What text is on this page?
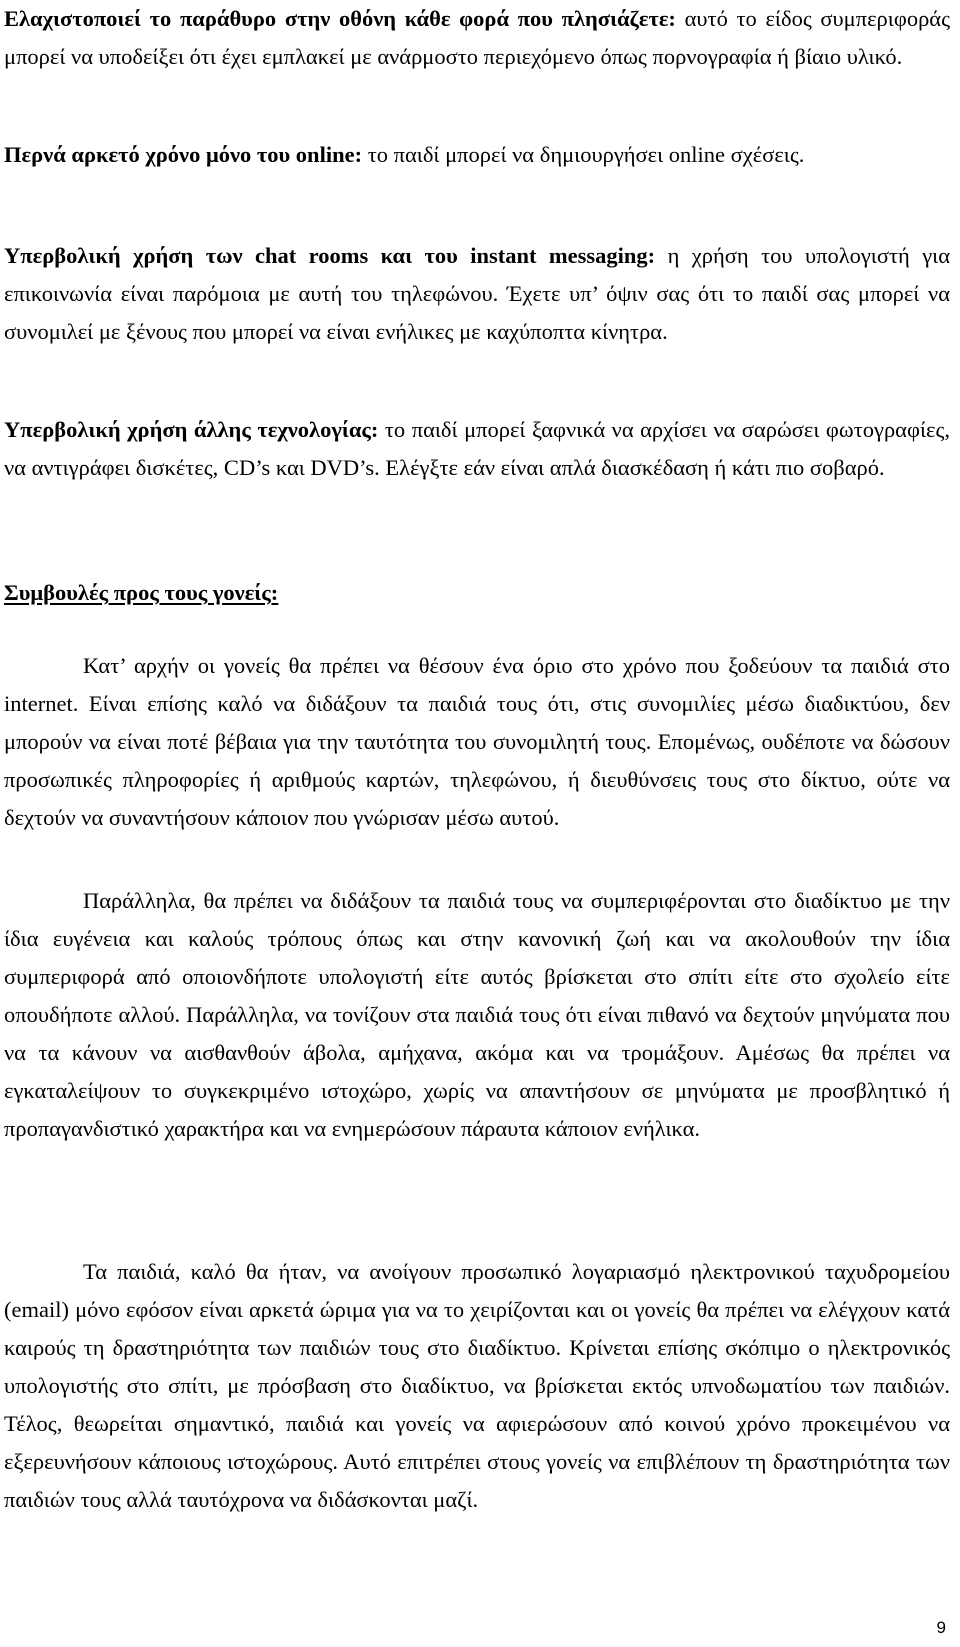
Ελαχιστοποιεί το παράθυρο στην οθόνη κάθε φορά που πλησιάζετε: αυτό το είδος συμπεριφοράς μπορεί να υποδείξει ότι έχει εμπλακεί με ανάρμοστο περιεχόμενο όπως πορνογραφία ή βίαιο υλικό.

Περνά αρκετό χρόνο μόνο του online: το παιδί μπορεί να δημιουργήσει online σχέσεις.

Υπερβολική χρήση των chat rooms και του instant messaging: η χρήση του υπολογιστή για επικοινωνία είναι παρόμοια με αυτή του τηλεφώνου. Έχετε υπ’ όψιν σας ότι το παιδί σας μπορεί να συνομιλεί με ξένους που μπορεί να είναι ενήλικες με καχύποπτα κίνητρα.

Υπερβολική χρήση άλλης τεχνολογίας: το παιδί μπορεί ξαφνικά να αρχίσει να σαρώσει φωτογραφίες, να αντιγράφει δισκέτες, CD’s και DVD’s. Ελέγξτε εάν είναι απλά διασκέδαση ή κάτι πιο σοβαρό.

Συμβουλές προς τους γονείς:

Κατ’ αρχήν οι γονείς θα πρέπει να θέσουν ένα όριο στο χρόνο που ξοδεύουν τα παιδιά στο internet. Είναι επίσης καλό να διδάξουν τα παιδιά τους ότι, στις συνομιλίες μέσω διαδικτύου, δεν μπορούν να είναι ποτέ βέβαια για την ταυτότητα του συνομιλητή τους. Επομένως, ουδέποτε να δώσουν προσωπικές πληροφορίες ή αριθμούς καρτών, τηλεφώνου, ή διευθύνσεις τους στο δίκτυο, ούτε να δεχτούν να συναντήσουν κάποιον που γνώρισαν μέσω αυτού.

Παράλληλα, θα πρέπει να διδάξουν τα παιδιά τους να συμπεριφέρονται στο διαδίκτυο με την ίδια ευγένεια και καλούς τρόπους όπως και στην κανονική ζωή και να ακολουθούν την ίδια συμπεριφορά από οποιονδήποτε υπολογιστή είτε αυτός βρίσκεται στο σπίτι είτε στο σχολείο είτε οπουδήποτε αλλού. Παράλληλα, να τονίζουν στα παιδιά τους ότι είναι πιθανό να δεχτούν μηνύματα που να τα κάνουν να αισθανθούν άβολα, αμήχανα, ακόμα και να τρομάξουν. Αμέσως θα πρέπει να εγκαταλείψουν το συγκεκριμένο ιστοχώρο, χωρίς να απαντήσουν σε μηνύματα με προσβλητικό ή προπαγανδιστικό χαρακτήρα και να ενημερώσουν πάραυτα κάποιον ενήλικα.

Τα παιδιά, καλό θα ήταν, να ανοίγουν προσωπικό λογαριασμό ηλεκτρονικού ταχυδρομείου (email) μόνο εφόσον είναι αρκετά ώριμα για να το χειρίζονται και οι γονείς θα πρέπει να ελέγχουν κατά καιρούς τη δραστηριότητα των παιδιών τους στο διαδίκτυο. Κρίνεται επίσης σκόπιμο ο ηλεκτρονικός υπολογιστής στο σπίτι, με πρόσβαση στο διαδίκτυο, να βρίσκεται εκτός υπνοδωματίου των παιδιών. Τέλος, θεωρείται σημαντικό, παιδιά και γονείς να αφιερώσουν από κοινού χρόνο προκειμένου να εξερευνήσουν κάποιους ιστοχώρους. Αυτό επιτρέπει στους γονείς να επιβλέπουν τη δραστηριότητα των παιδιών τους αλλά ταυτόχρονα να διδάσκονται μαζί.

9
